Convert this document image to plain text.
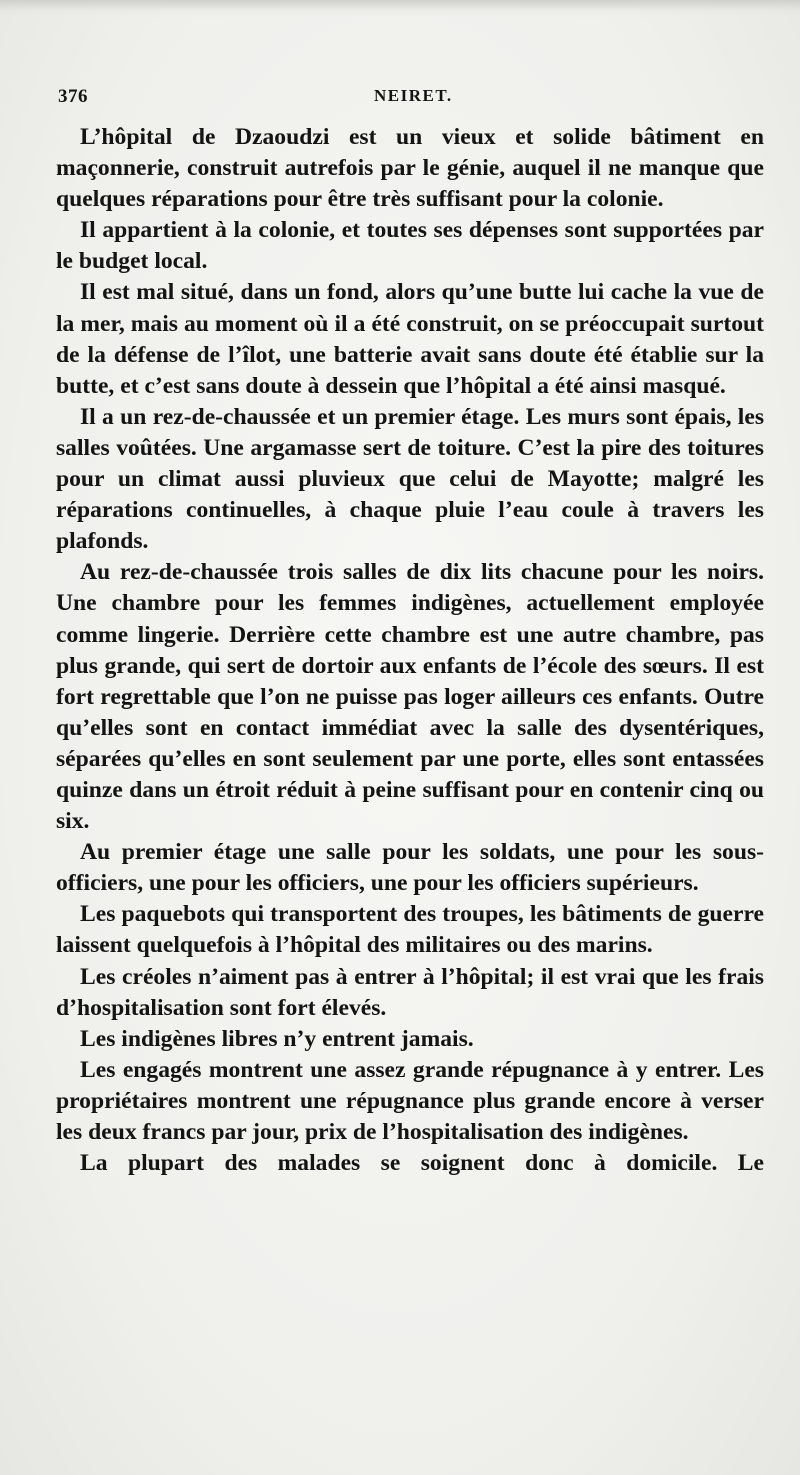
376	NEIRET.

L’hôpital de Dzaoudzi est un vieux et solide bâtiment en maçonnerie, construit autrefois par le génie, auquel il ne manque que quelques réparations pour être très suffisant pour la colonie.

Il appartient à la colonie, et toutes ses dépenses sont supportées par le budget local.

Il est mal situé, dans un fond, alors qu’une butte lui cache la vue de la mer, mais au moment où il a été construit, on se préoccupait surtout de la défense de l’îlot, une batterie avait sans doute été établie sur la butte, et c’est sans doute à dessein que l’hôpital a été ainsi masqué.

Il a un rez-de-chaussée et un premier étage. Les murs sont épais, les salles voûtées. Une argamasse sert de toiture. C’est la pire des toitures pour un climat aussi pluvieux que celui de Mayotte; malgré les réparations continuelles, à chaque pluie l’eau coule à travers les plafonds.

Au rez-de-chaussée trois salles de dix lits chacune pour les noirs. Une chambre pour les femmes indigènes, actuellement employée comme lingerie. Derrière cette chambre est une autre chambre, pas plus grande, qui sert de dortoir aux enfants de l’école des sœurs. Il est fort regrettable que l’on ne puisse pas loger ailleurs ces enfants. Outre qu’elles sont en contact immédiat avec la salle des dysentériques, séparées qu’elles en sont seulement par une porte, elles sont entassées quinze dans un étroit réduit à peine suffisant pour en contenir cinq ou six.

Au premier étage une salle pour les soldats, une pour les sous-officiers, une pour les officiers, une pour les officiers supérieurs.

Les paquebots qui transportent des troupes, les bâtiments de guerre laissent quelquefois à l’hôpital des militaires ou des marins.

Les créoles n’aiment pas à entrer à l’hôpital; il est vrai que les frais d’hospitalisation sont fort élevés.

Les indigènes libres n’y entrent jamais.

Les engagés montrent une assez grande répugnance à y entrer. Les propriétaires montrent une répugnance plus grande encore à verser les deux francs par jour, prix de l’hospitalisation des indigènes.

La plupart des malades se soignent donc à domicile. Le
